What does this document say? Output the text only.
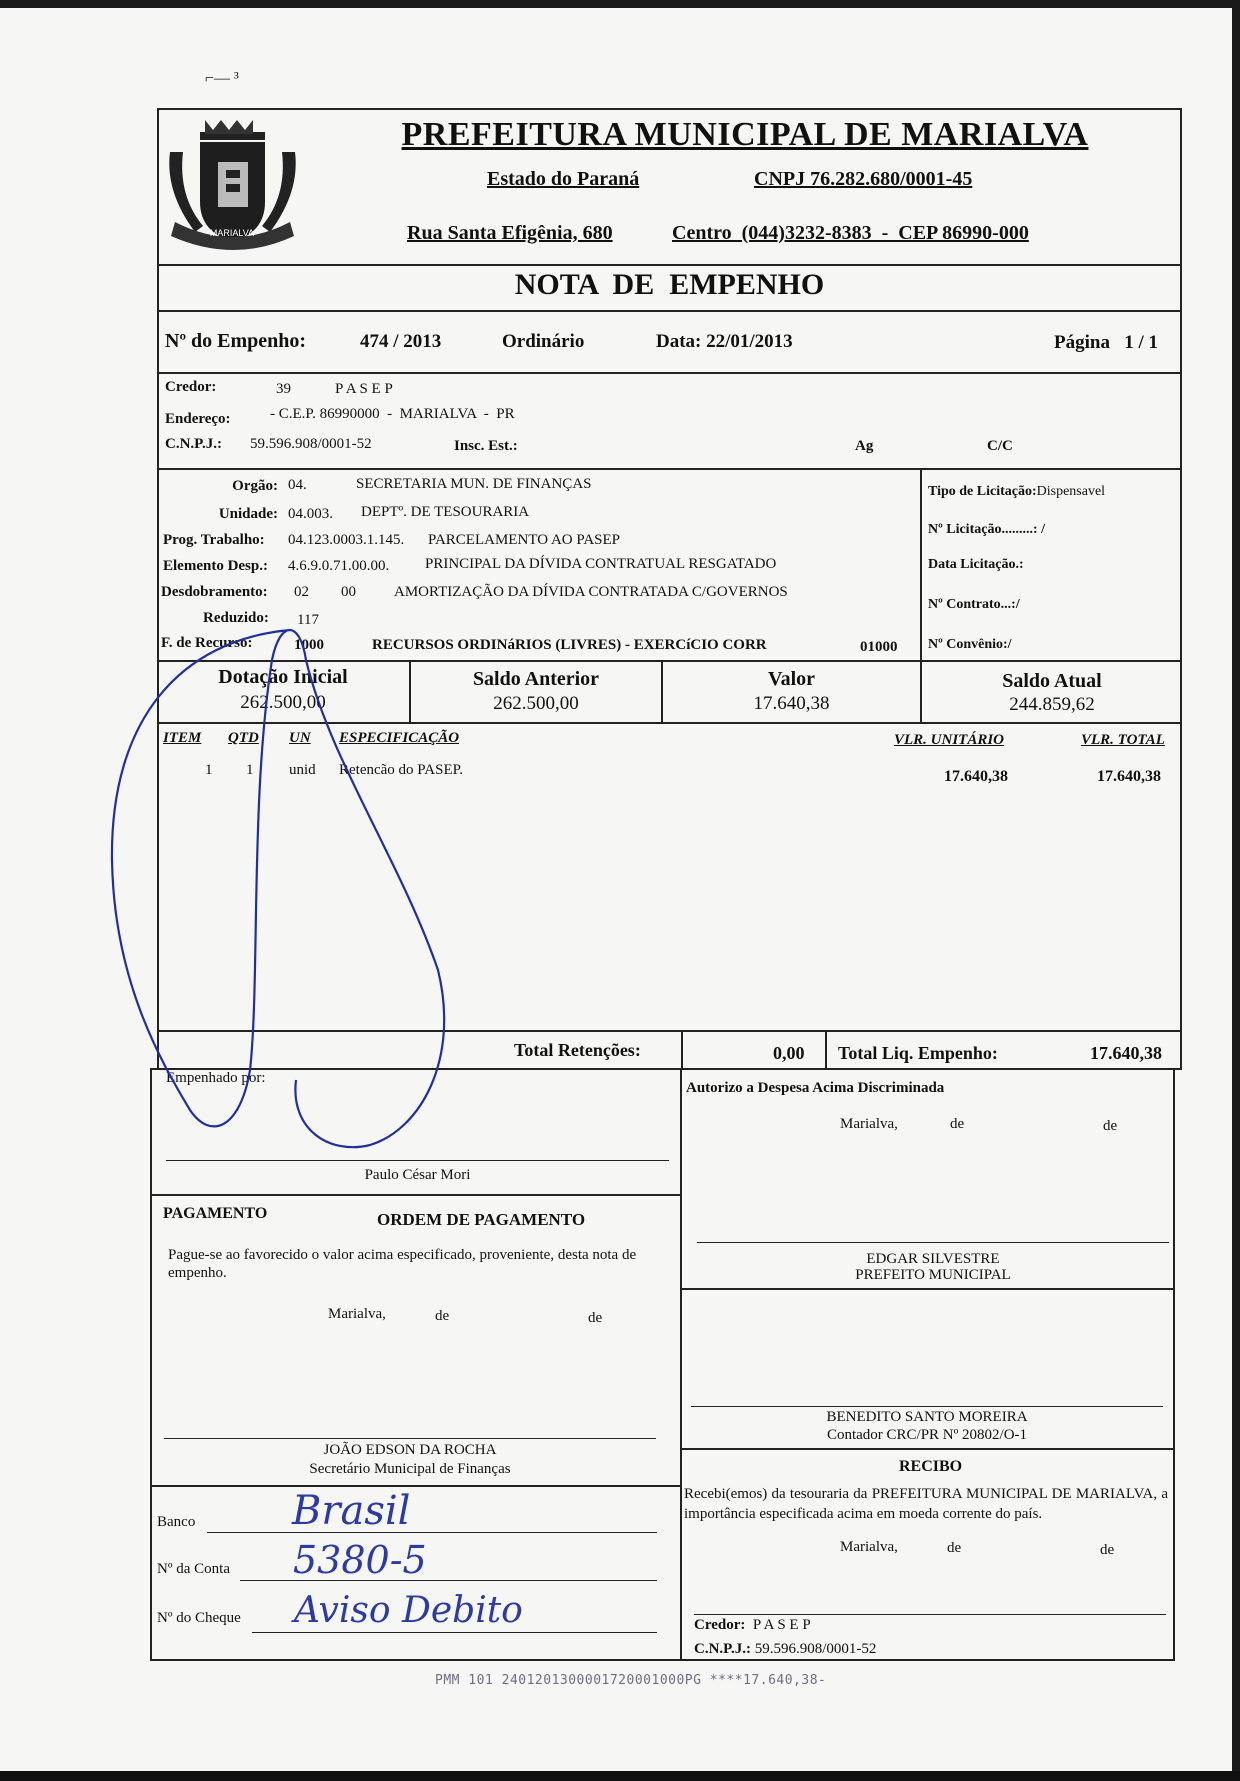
⌐— ³
MARIALVA
PREFEITURA MUNICIPAL DE MARIALVA
Estado do Paraná	CNPJ 76.282.680/0001-45
Rua Santa Efigênia, 680	Centro  (044)3232-8383  -  CEP 86990-000
NOTA  DE  EMPENHO
Nº do Empenho:	474 / 2013	Ordinário	Data: 22/01/2013	Página   1 / 1
Credor:	39	P A S E P
Endereço:	- C.E.P. 86990000  -  MARIALVA  -  PR
C.N.P.J.: 59.596.908/0001-52	Insc. Est.:	Ag	C/C
Orgão: 04.	SECRETARIA MUN. DE FINANÇAS
Unidade: 04.003. DEPTº. DE TESOURARIA
Prog. Trabalho: 04.123.0003.1.145. PARCELAMENTO AO PASEP
Elemento Desp.: 4.6.9.0.71.00.00. PRINCIPAL DA DÍVIDA CONTRATUAL RESGATADO
Desdobramento: 02 00	AMORTIZAÇÃO DA DÍVIDA CONTRATADA C/GOVERNOS
Reduzido: 117
F. de Recurso:	1000	RECURSOS ORDINáRIOS (LIVRES) - EXERCíCIO CORR	01000
Tipo de Licitação:Dispensavel
Nº Licitação.........: /
Data Licitação.:
Nº Contrato...:/
Nº Convênio:/
Dotação Inicial
262.500,00
Saldo Anterior
262.500,00
Valor
17.640,38
Saldo Atual
244.859,62
ITEM QTD UN ESPECIFICAÇÃO	VLR. UNITÁRIO	VLR. TOTAL
1 1 unid Retencão do PASEP.	17.640,38	17.640,38
Total Retenções:	0,00 Total Liq. Empenho:	17.640,38
Empenhado por:
Paulo César Mori
Autorizo a Despesa Acima Discriminada
Marialva,	de	de
PAGAMENTO	ORDEM DE PAGAMENTO
Pague-se ao favorecido o valor acima especificado, proveniente, desta nota de empenho.
Marialva,	de	de
JOÃO EDSON DA ROCHA
Secretário Municipal de Finanças
EDGAR SILVESTRE
PREFEITO MUNICIPAL
BENEDITO SANTO MOREIRA
Contador CRC/PR Nº 20802/O-1
RECIBO
Recebi(emos) da tesouraria da PREFEITURA MUNICIPAL DE MARIALVA, a importância especificada acima em moeda corrente do país.
Marialva,	de	de
Credor: P A S E P
C.N.P.J.: 59.596.908/0001-52
Banco Brasil
Nº da Conta 5380-5
Nº do Cheque Aviso Debito
PMM 101 2401201300001720001000PG ****17.640,38-
